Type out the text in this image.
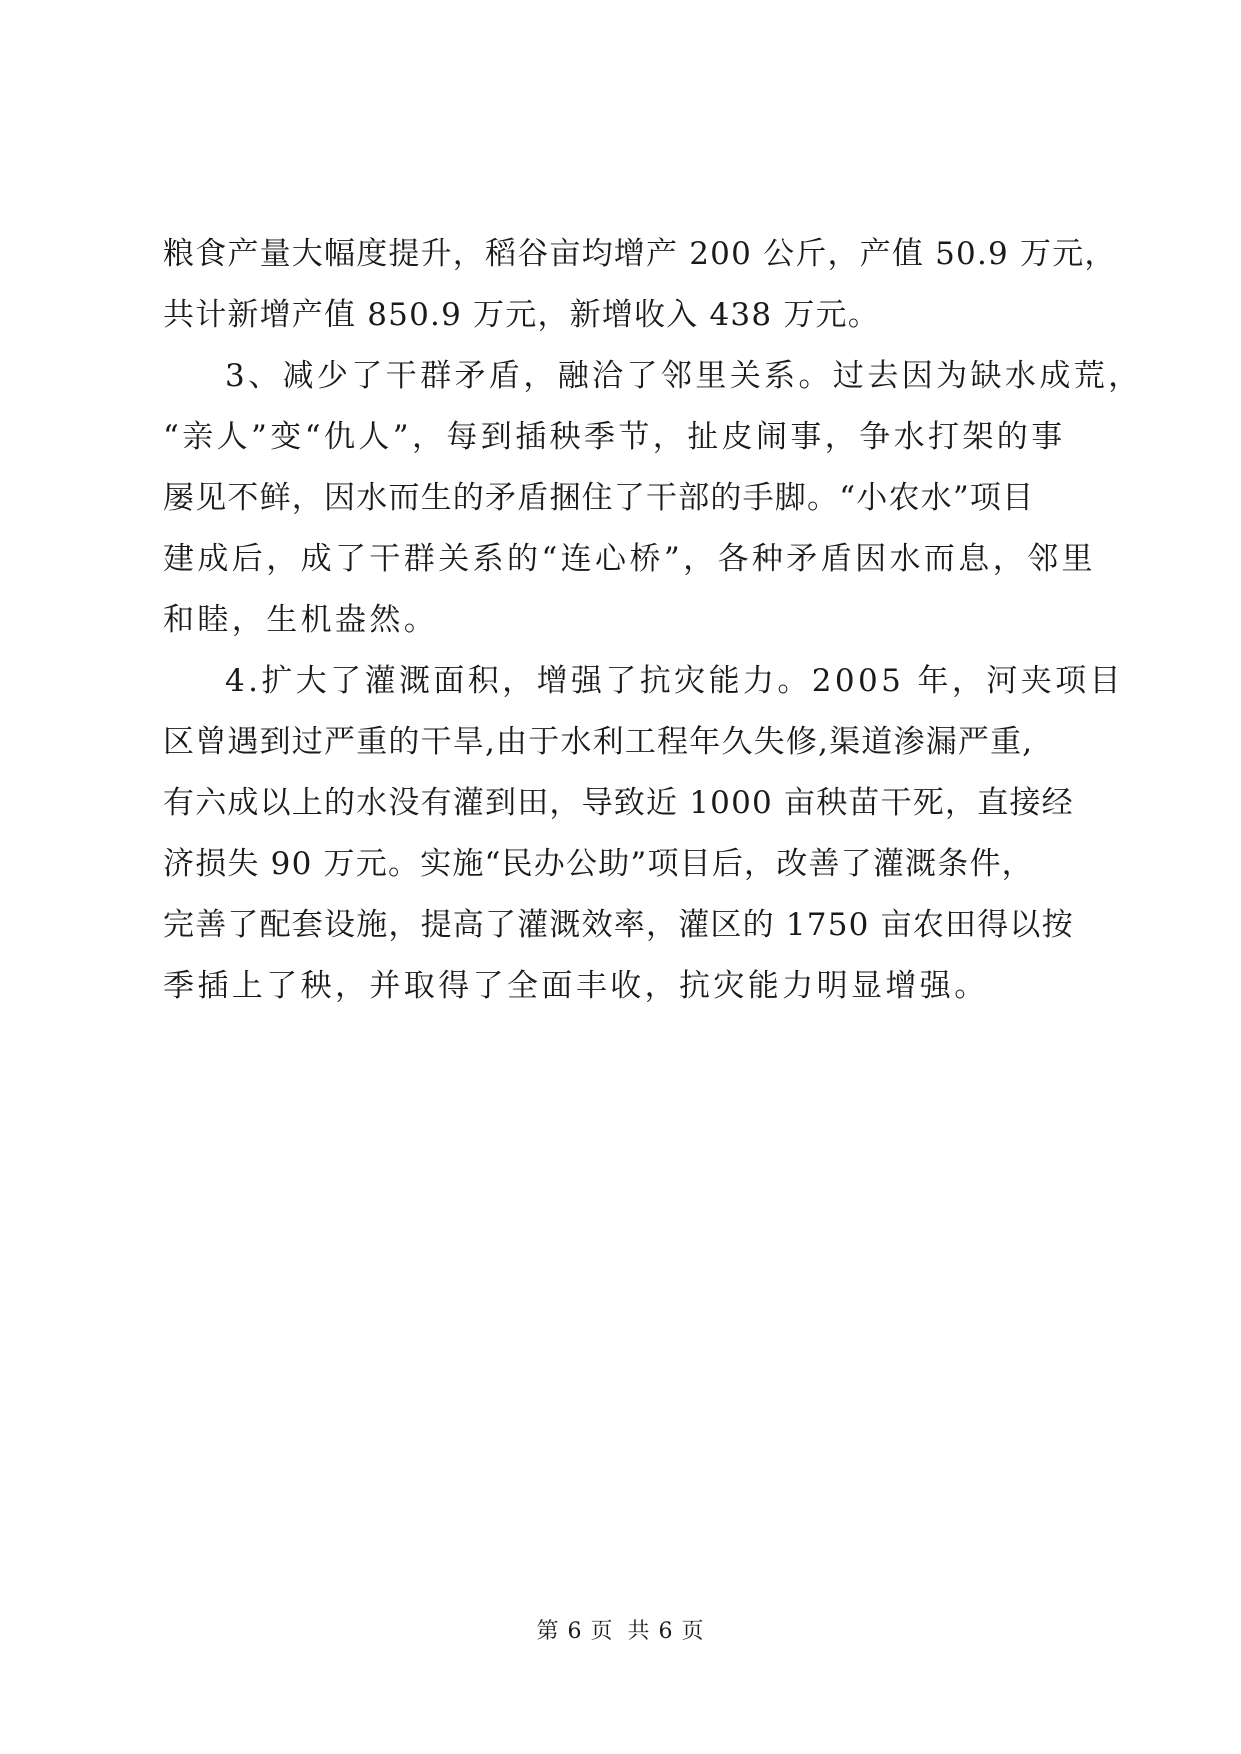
粮食产量大幅度提升，稻谷亩均增产 200 公斤，产值 50.9 万元，
共计新增产值 850.9 万元，新增收入 438 万元。
3、减少了干群矛盾，融洽了邻里关系。过去因为缺水成荒，
“亲人”变“仇人”，每到插秧季节，扯皮闹事，争水打架的事
屡见不鲜，因水而生的矛盾捆住了干部的手脚。“小农水”项目
建成后，成了干群关系的“连心桥”，各种矛盾因水而息，邻里
和睦，生机盎然。
4.扩大了灌溉面积，增强了抗灾能力。2005 年，河夹项目
区曾遇到过严重的干旱,由于水利工程年久失修,渠道渗漏严重,
有六成以上的水没有灌到田，导致近 1000 亩秧苗干死，直接经
济损失 90 万元。实施“民办公助”项目后，改善了灌溉条件，
完善了配套设施，提高了灌溉效率，灌区的 1750 亩农田得以按
季插上了秧，并取得了全面丰收，抗灾能力明显增强。
第 6 页 共 6 页
